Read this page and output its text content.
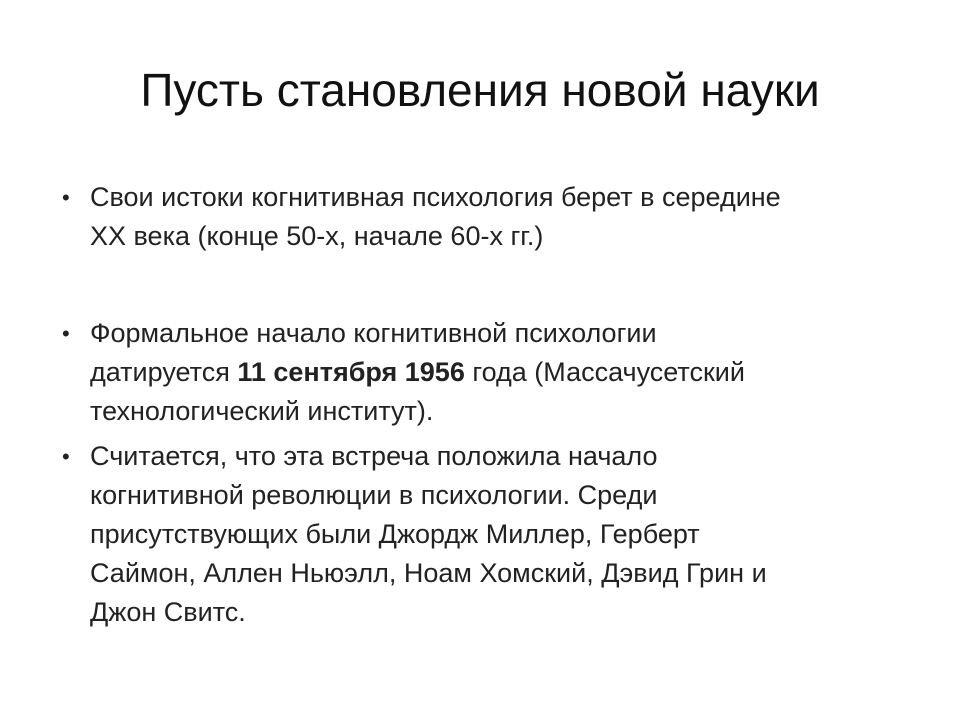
Пусть становления новой науки
• Свои истоки когнитивная психология берет в середине
XX века (конце 50-х, начале 60-х гг.)
• Формальное начало когнитивной психологии
датируется 11 сентября 1956 года (Массачусетский
технологический институт).
• Считается, что эта встреча положила начало
когнитивной революции в психологии. Среди
присутствующих были Джордж Миллер, Герберт
Саймон, Аллен Ньюэлл, Ноам Хомский, Дэвид Грин и
Джон Свитс.
